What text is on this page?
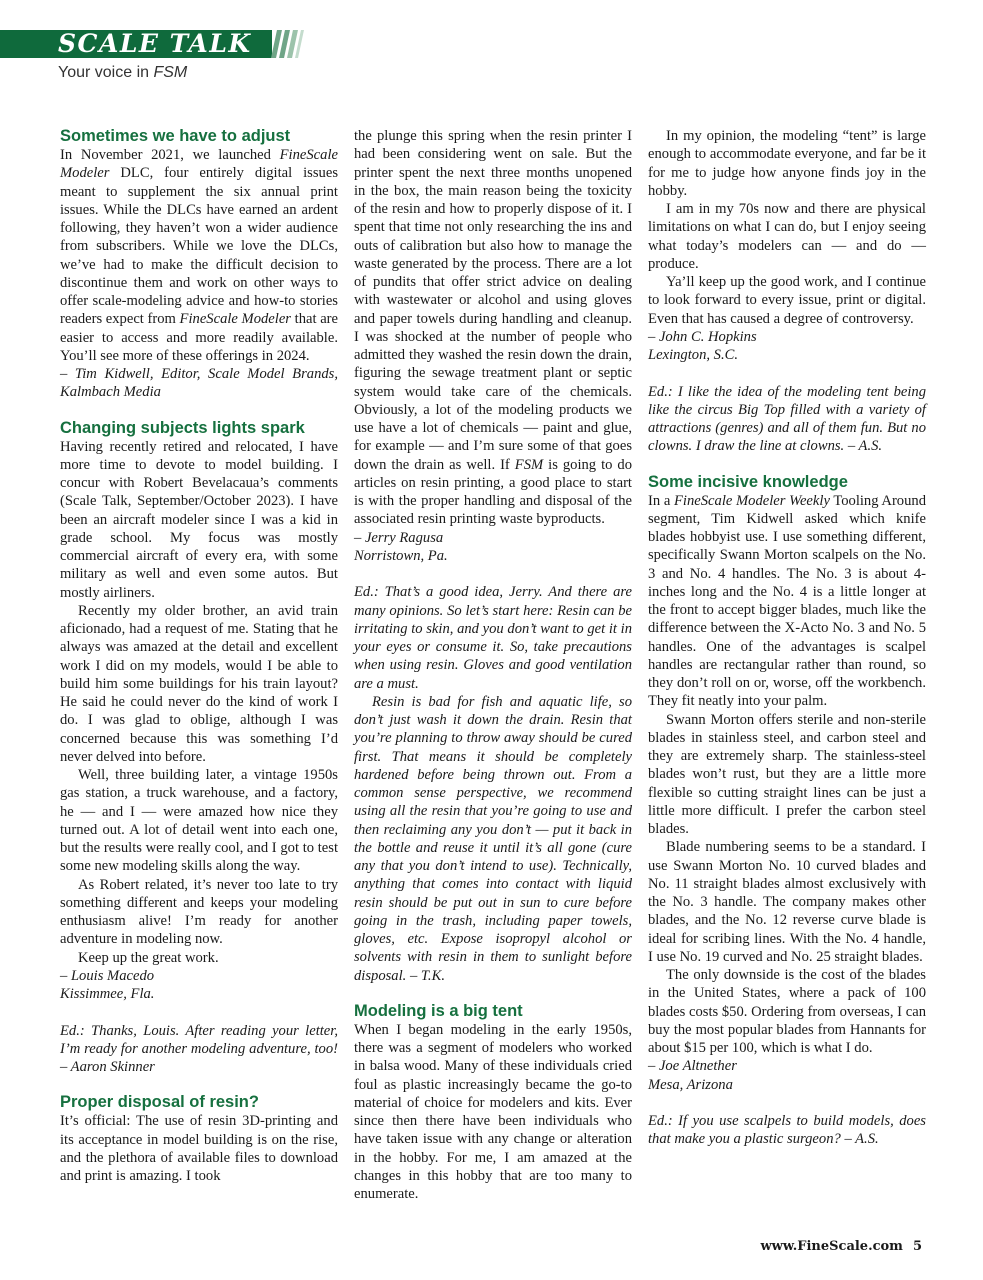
SCALE TALK
Your voice in FSM
Sometimes we have to adjust

In November 2021, we launched FineScale Modeler DLC, four entirely digital issues meant to supplement the six annual print issues. While the DLCs have earned an ardent following, they haven’t won a wider audience from subscribers. While we love the DLCs, we’ve had to make the difficult decision to discontinue them and work on other ways to offer scale-modeling advice and how-to stories readers expect from FineScale Modeler that are easier to access and more readily available. You’ll see more of these offerings in 2024.

– Tim Kidwell, Editor, Scale Model Brands, Kalmbach Media

Changing subjects lights spark

Having recently retired and relocated, I have more time to devote to model building. I concur with Robert Bevelacaua’s comments (Scale Talk, September/October 2023). I have been an aircraft modeler since I was a kid in grade school. My focus was mostly commercial aircraft of every era, with some military as well and even some autos. But mostly airliners.

Recently my older brother, an avid train aficionado, had a request of me. Stating that he always was amazed at the detail and excellent work I did on my models, would I be able to build him some buildings for his train layout? He said he could never do the kind of work I do. I was glad to oblige, although I was concerned because this was something I’d never delved into before.

Well, three building later, a vintage 1950s gas station, a truck warehouse, and a factory, he — and I — were amazed how nice they turned out. A lot of detail went into each one, but the results were really cool, and I got to test some new modeling skills along the way.

As Robert related, it’s never too late to try something different and keeps your modeling enthusiasm alive! I’m ready for another adventure in modeling now.

Keep up the great work.

– Louis Macedo

Kissimmee, Fla.

Ed.: Thanks, Louis. After reading your letter, I’m ready for another modeling adventure, too! – Aaron Skinner

Proper disposal of resin?

It’s official: The use of resin 3D-printing and its acceptance in model building is on the rise, and the plethora of available files to download and print is amazing. I took

the plunge this spring when the resin printer I had been considering went on sale. But the printer spent the next three months unopened in the box, the main reason being the toxicity of the resin and how to properly dispose of it. I spent that time not only researching the ins and outs of calibration but also how to manage the waste generated by the process. There are a lot of pundits that offer strict advice on dealing with wastewater or alcohol and using gloves and paper towels during handling and cleanup. I was shocked at the number of people who admitted they washed the resin down the drain, figuring the sewage treatment plant or septic system would take care of the chemicals. Obviously, a lot of the modeling products we use have a lot of chemicals — paint and glue, for example — and I’m sure some of that goes down the drain as well. If FSM is going to do articles on resin printing, a good place to start is with the proper handling and disposal of the associated resin printing waste byproducts.

– Jerry Ragusa

Norristown, Pa.

Ed.: That’s a good idea, Jerry. And there are many opinions. So let’s start here: Resin can be irritating to skin, and you don’t want to get it in your eyes or consume it. So, take precautions when using resin. Gloves and good ventilation are a must.

Resin is bad for fish and aquatic life, so don’t just wash it down the drain. Resin that you’re planning to throw away should be cured first. That means it should be completely hardened before being thrown out. From a common sense perspective, we recommend using all the resin that you’re going to use and then reclaiming any you don’t — put it back in the bottle and reuse it until it’s all gone (cure any that you don’t intend to use). Technically, anything that comes into contact with liquid resin should be put out in sun to cure before going in the trash, including paper towels, gloves, etc. Expose isopropyl alcohol or solvents with resin in them to sunlight before disposal. – T.K.

Modeling is a big tent

When I began modeling in the early 1950s, there was a segment of modelers who worked in balsa wood. Many of these individuals cried foul as plastic increasingly became the go-to material of choice for modelers and kits. Ever since then there have been individuals who have taken issue with any change or alteration in the hobby. For me, I am amazed at the changes in this hobby that are too many to enumerate.

In my opinion, the modeling “tent” is large enough to accommodate everyone, and far be it for me to judge how anyone finds joy in the hobby.

I am in my 70s now and there are physical limitations on what I can do, but I enjoy seeing what today’s modelers can — and do — produce.

Ya’ll keep up the good work, and I continue to look forward to every issue, print or digital. Even that has caused a degree of controversy.

– John C. Hopkins

Lexington, S.C.

Ed.: I like the idea of the modeling tent being like the circus Big Top filled with a variety of attractions (genres) and all of them fun. But no clowns. I draw the line at clowns. – A.S.

Some incisive knowledge

In a FineScale Modeler Weekly Tooling Around segment, Tim Kidwell asked which knife blades hobbyist use. I use something different, specifically Swann Morton scalpels on the No. 3 and No. 4 handles. The No. 3 is about 4-inches long and the No. 4 is a little longer at the front to accept bigger blades, much like the difference between the X-Acto No. 3 and No. 5 handles. One of the advantages is scalpel handles are rectangular rather than round, so they don’t roll on or, worse, off the workbench. They fit neatly into your palm.

Swann Morton offers sterile and non-sterile blades in stainless steel, and carbon steel and they are extremely sharp. The stainless-steel blades won’t rust, but they are a little more flexible so cutting straight lines can be just a little more difficult. I prefer the carbon steel blades.

Blade numbering seems to be a standard. I use Swann Morton No. 10 curved blades and No. 11 straight blades almost exclusively with the No. 3 handle. The company makes other blades, and the No. 12 reverse curve blade is ideal for scribing lines. With the No. 4 handle, I use No. 19 curved and No. 25 straight blades.

The only downside is the cost of the blades in the United States, where a pack of 100 blades costs $50. Ordering from overseas, I can buy the most popular blades from Hannants for about $15 per 100, which is what I do.

– Joe Altnether

Mesa, Arizona

Ed.: If you use scalpels to build models, does that make you a plastic surgeon? – A.S.

www.FineScale.com 5
